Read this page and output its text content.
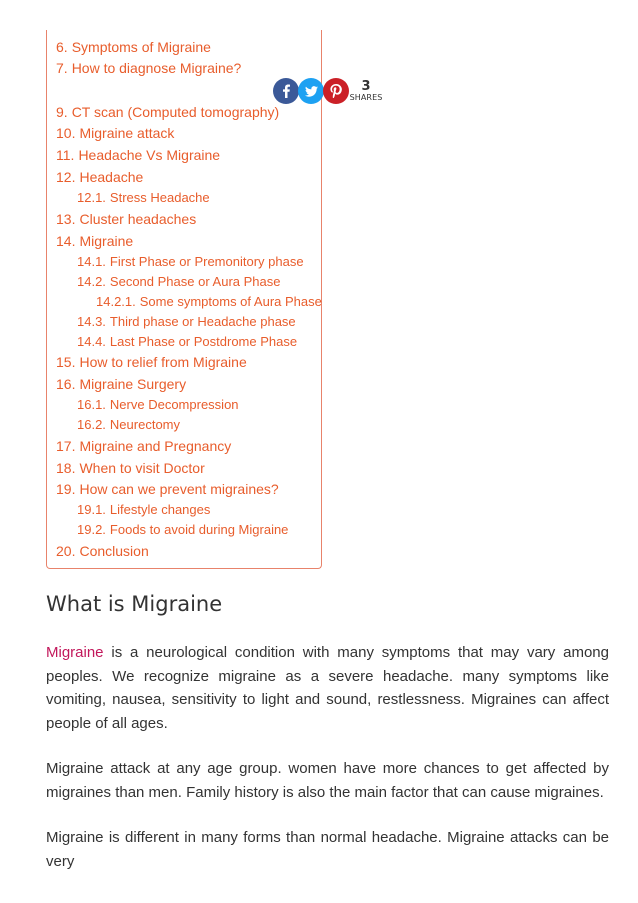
6. Symptoms of Migraine
7. How to diagnose Migraine?
9. CT scan (Computed tomography)
10. Migraine attack
11. Headache Vs Migraine
12. Headache
12.1. Stress Headache
13. Cluster headaches
14. Migraine
14.1. First Phase or Premonitory phase
14.2. Second Phase or Aura Phase
14.2.1. Some symptoms of Aura Phase
14.3. Third phase or Headache phase
14.4. Last Phase or Postdrome Phase
15. How to relief from Migraine
16. Migraine Surgery
16.1. Nerve Decompression
16.2. Neurectomy
17. Migraine and Pregnancy
18. When to visit Doctor
19. How can we prevent migraines?
19.1. Lifestyle changes
19.2. Foods to avoid during Migraine
20. Conclusion
What is Migraine

Migraine is a neurological condition with many symptoms that may vary among peoples. We recognize migraine as a severe headache. many symptoms like vomiting, nausea, sensitivity to light and sound, restlessness. Migraines can affect people of all ages.

Migraine attack at any age group. women have more chances to get affected by migraines than men. Family history is also the main factor that can cause migraines.

Migraine is different in many forms than normal headache. Migraine attacks can be very

3
SHARES
